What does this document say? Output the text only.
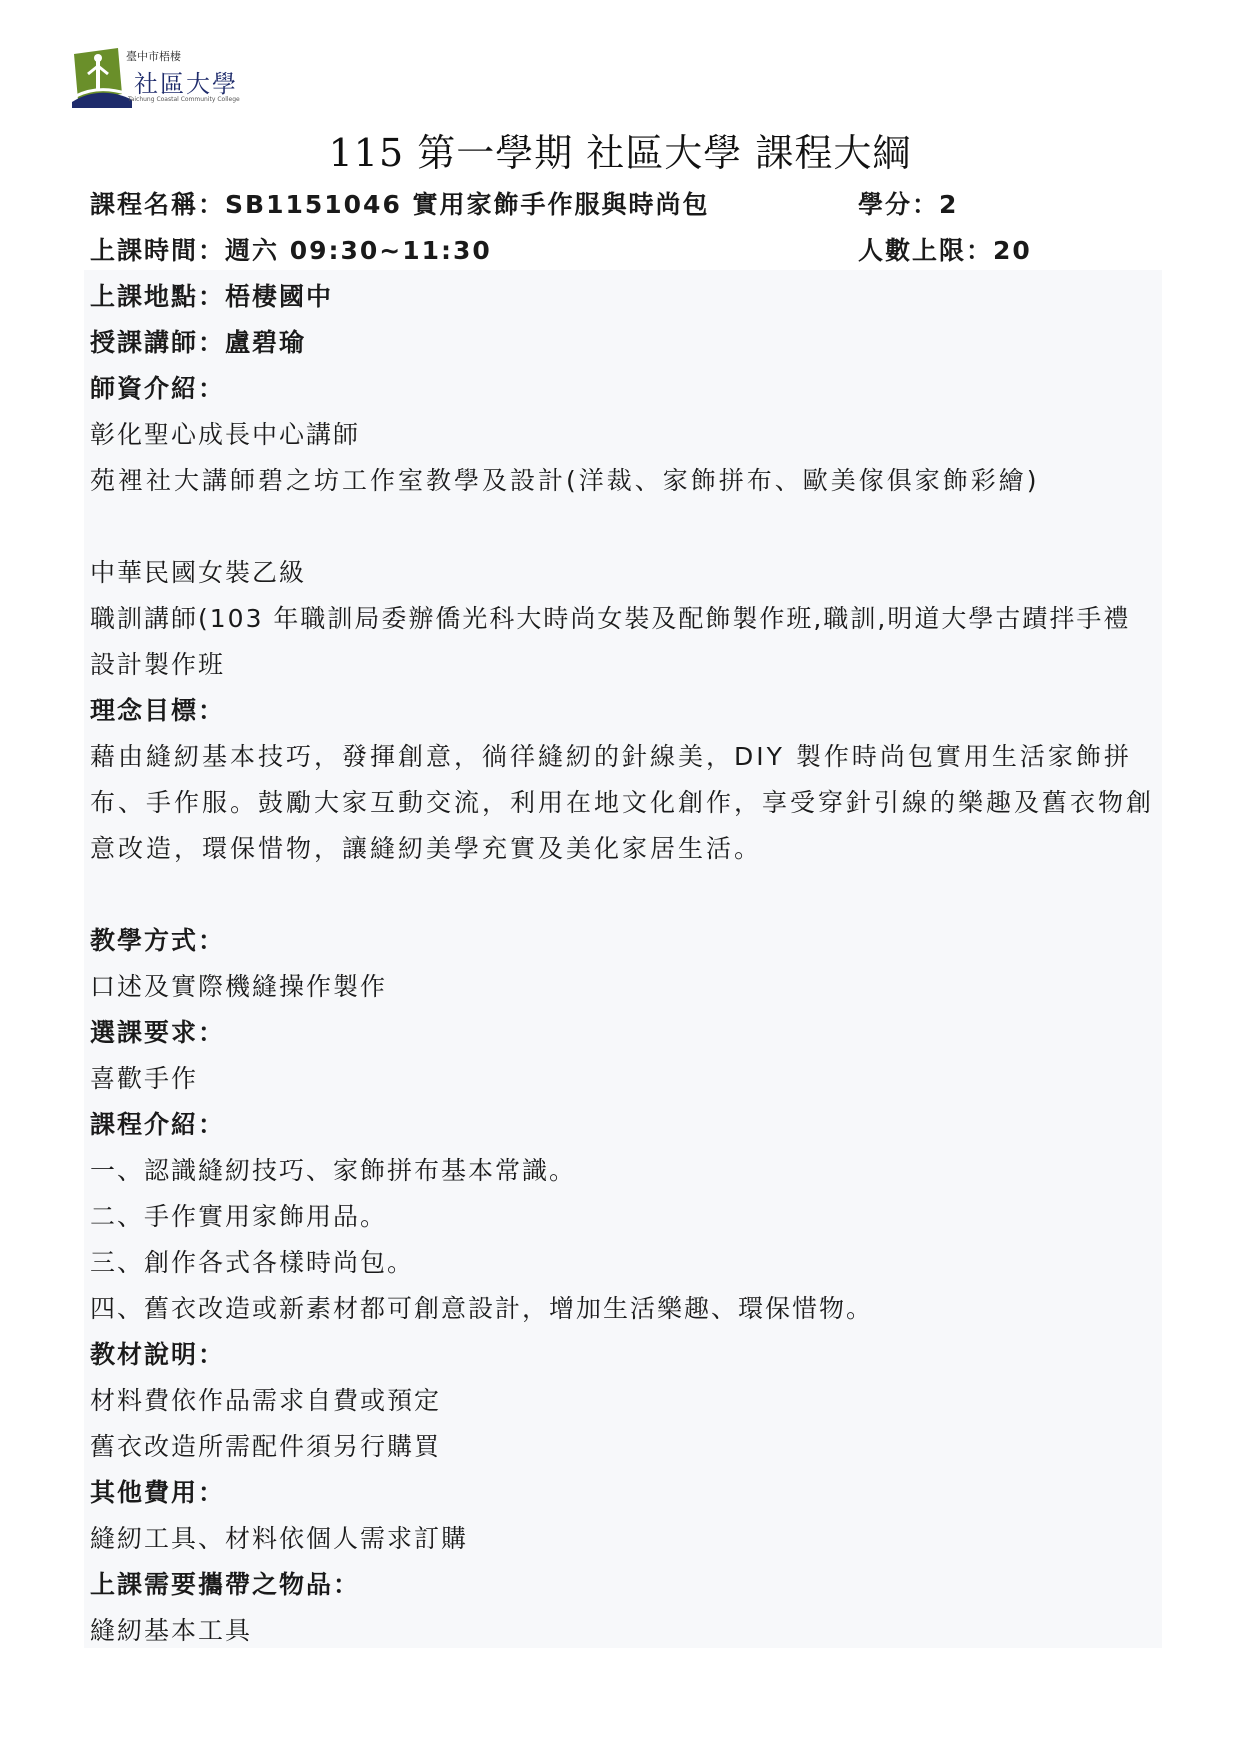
臺中市梧棲
社區大學
Taichung Coastal Community College
115 第一學期 社區大學 課程大綱
課程名稱：SB1151046 實用家飾手作服與時尚包	學分：2
上課時間：週六 09:30~11:30	人數上限：20
上課地點：梧棲國中
授課講師：盧碧瑜
師資介紹：
彰化聖心成長中心講師
苑裡社大講師碧之坊工作室教學及設計(洋裁、家飾拼布、歐美傢俱家飾彩繪)
中華民國女裝乙級
職訓講師(103 年職訓局委辦僑光科大時尚女裝及配飾製作班,職訓,明道大學古蹟拌手禮設計製作班
理念目標：
藉由縫紉基本技巧，發揮創意，徜徉縫紉的針線美，DIY 製作時尚包實用生活家飾拼布、手作服。鼓勵大家互動交流，利用在地文化創作，享受穿針引線的樂趣及舊衣物創意改造，環保惜物，讓縫紉美學充實及美化家居生活。
教學方式：
口述及實際機縫操作製作
選課要求：
喜歡手作
課程介紹：
一、認識縫紉技巧、家飾拼布基本常識。
二、手作實用家飾用品。
三、創作各式各樣時尚包。
四、舊衣改造或新素材都可創意設計，增加生活樂趣、環保惜物。
教材說明：
材料費依作品需求自費或預定
舊衣改造所需配件須另行購買
其他費用：
縫紉工具、材料依個人需求訂購
上課需要攜帶之物品：
縫紉基本工具
